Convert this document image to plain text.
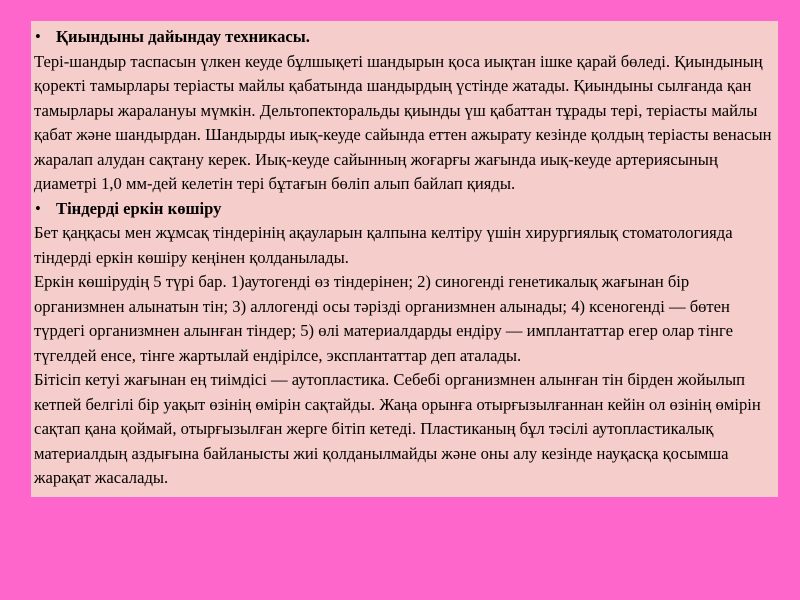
• Қиындыны дайындау техникасы.

Тері-шандыр таспасын үлкен кеуде бұлшықеті шандырын қоса иықтан ішке қарай бөледі. Қиындының қоректі тамырлары теріасты майлы қабатында шандырдың үстінде жатады. Қиындыны сылғанда қан тамырлары жаралануы мүмкін. Дельтопекторальды қиынды үш қабаттан тұрады тері, теріасты майлы қабат және шандырдан. Шандырды иық-кеуде сайында еттен ажырату кезінде қолдың теріасты венасын жаралап алудан сақтану керек. Иық-кеуде сайынның жоғарғы жағында иық-кеуде артериясының диаметрі 1,0 мм-дей келетін тері бұтағын бөліп алып байлап қияды.

• Тіндерді еркін көшіру

Бет қаңқасы мен жұмсақ тіндерінің ақауларын қалпына келтіру үшін хирургиялық стоматологияда тіндерді еркін көшіру кеңінен қолданылады.

Еркін көшірудің 5 түрі бар. 1)аутогенді өз тіндерінен; 2) синогенді генетикалық жағынан бір организмнен алынатын тін; 3) аллогенді осы тәрізді организмнен алынады; 4) ксеногенді — бөтен түрдегі организмнен алынған тіндер; 5) өлі материалдарды ендіру — имплантаттар егер олар тінге түгелдей енсе, тінге жартылай ендірілсе, эксплантаттар деп аталады.

Бітісіп кетуі жағынан ең тиімдісі — аутопластика. Себебі организмнен алынған тін бірден жойылып кетпей белгілі бір уақыт өзінің өмірін сақтайды. Жаңа орынға отырғызылғаннан кейін ол өзінің өмірін сақтап қана қоймай, отырғызылған жерге бітіп кетеді. Пластиканың бұл тәсілі аутопластикалық материалдың аздығына байланысты жиі қолданылмайды және оны алу кезінде науқасқа қосымша жарақат жасалады.
